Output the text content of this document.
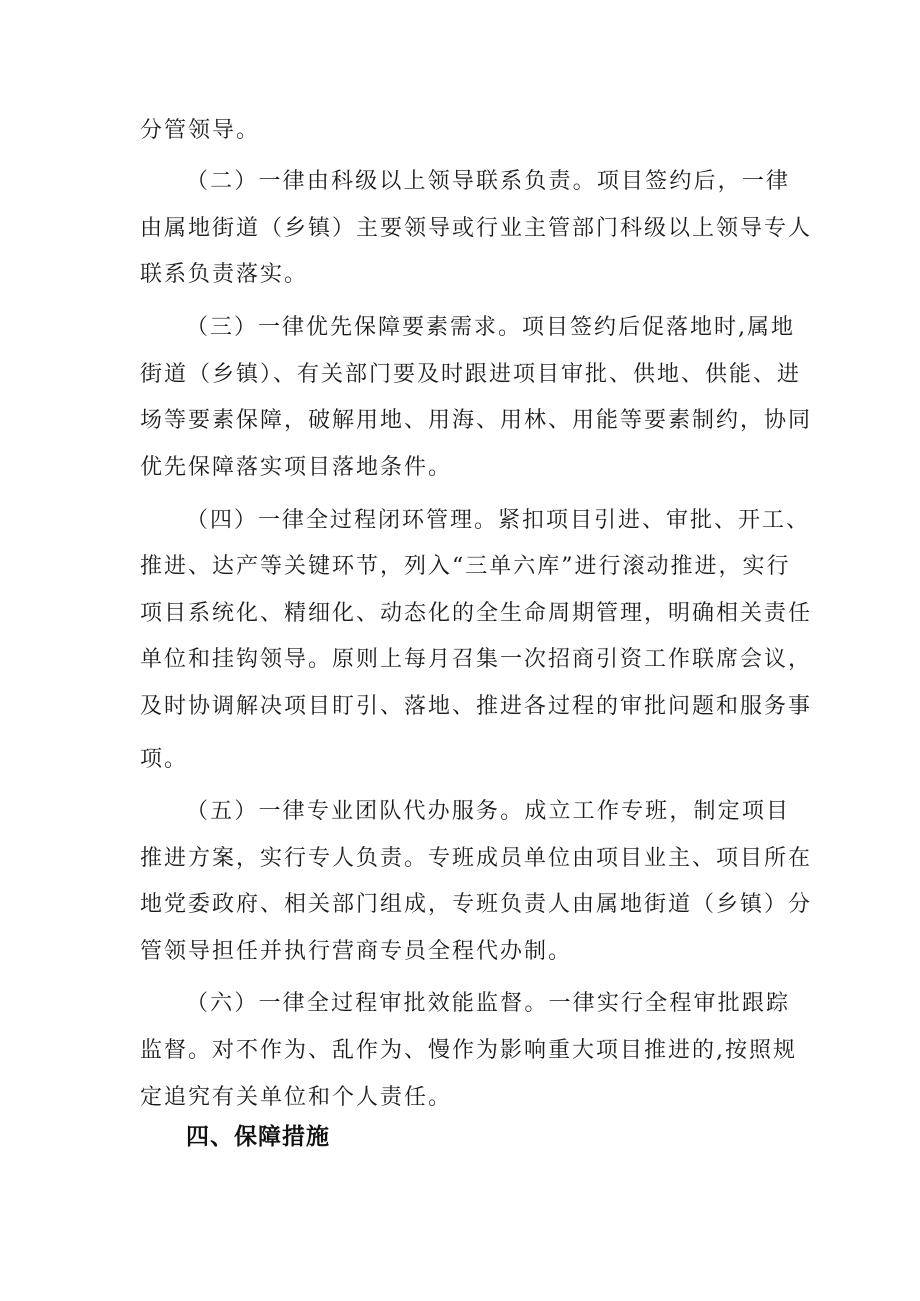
分管领导。
（二）一律由科级以上领导联系负责。项目签约后，一律
由属地街道（乡镇）主要领导或行业主管部门科级以上领导专人
联系负责落实。
（三）一律优先保障要素需求。项目签约后促落地时,属地
街道（乡镇）、有关部门要及时跟进项目审批、供地、供能、进
场等要素保障，破解用地、用海、用林、用能等要素制约，协同
优先保障落实项目落地条件。
（四）一律全过程闭环管理。紧扣项目引进、审批、开工、
推进、达产等关键环节，列入“三单六库”进行滚动推进，实行
项目系统化、精细化、动态化的全生命周期管理，明确相关责任
单位和挂钩领导。原则上每月召集一次招商引资工作联席会议，
及时协调解决项目盯引、落地、推进各过程的审批问题和服务事
项。
（五）一律专业团队代办服务。成立工作专班，制定项目
推进方案，实行专人负责。专班成员单位由项目业主、项目所在
地党委政府、相关部门组成，专班负责人由属地街道（乡镇）分
管领导担任并执行营商专员全程代办制。
（六）一律全过程审批效能监督。一律实行全程审批跟踪
监督。对不作为、乱作为、慢作为影响重大项目推进的,按照规
定追究有关单位和个人责任。
四、保障措施
